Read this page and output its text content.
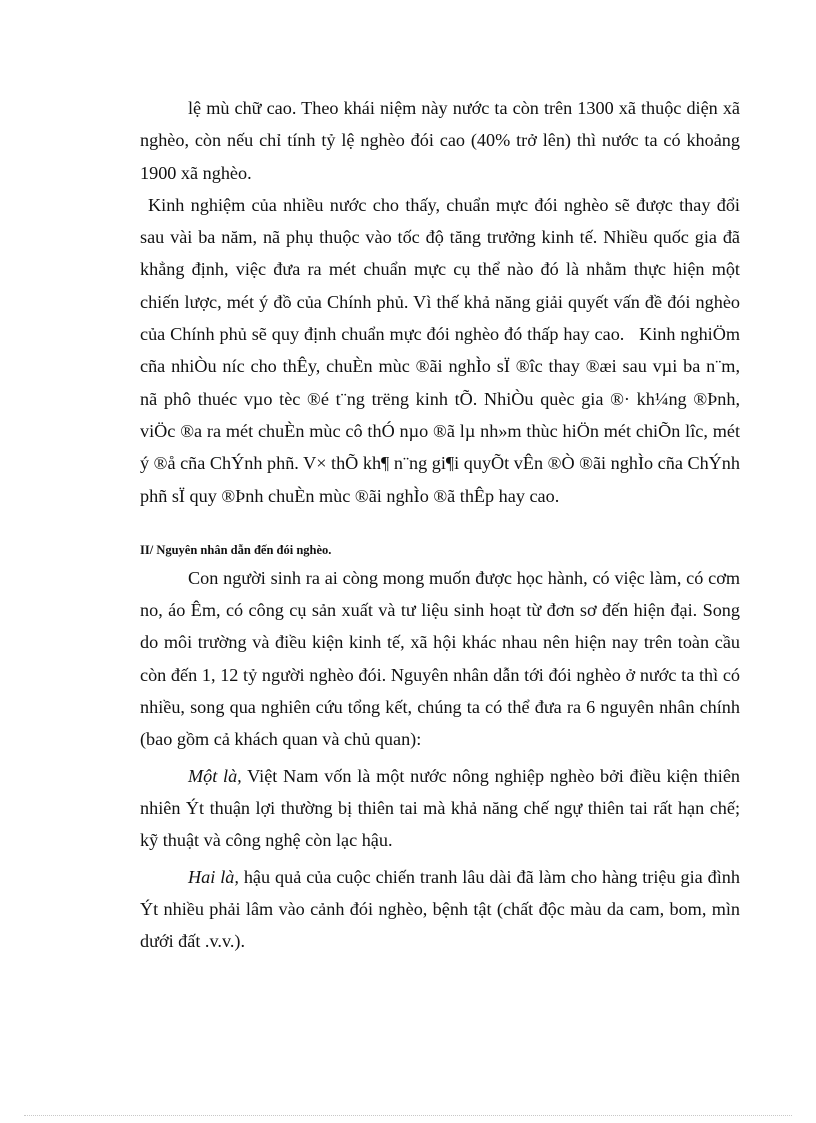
lệ mù chữ cao. Theo khái niệm này nước ta còn trên 1300 xã thuộc diện xã nghèo, còn nếu chỉ tính tỷ lệ nghèo đói cao (40% trở lên) thì nước ta có khoảng 1900 xã nghèo.

Kinh nghiệm của nhiều nước cho thấy, chuẩn mực đói nghèo sẽ được thay đổi sau vài ba năm, nã phụ thuộc vào tốc độ tăng trưởng kinh tế. Nhiều quốc gia đã khẳng định, việc đưa ra mét chuẩn mực cụ thể nào đó là nhằm thực hiện một chiến lược, mét ý đồ của Chính phủ. Vì thế khả năng giải quyết vấn đề đói nghèo của Chính phủ sẽ quy định chuẩn mực đói nghèo đó thấp hay cao. Kinh nghiÖm cña nhiÒu níc cho thÊy, chuÈn mùc ®ãi nghÌo sÏ ®îc thay ®æi sau vµi ba n¨m, nã phô thuéc vµo tèc ®é t¨ng trëng kinh tÕ. NhiÒu quèc gia ®· kh¼ng ®Þnh, viÖc ®a ra mét chuÈn mùc cô thÓ nµo ®ã lµ nh»m thùc hiÖn mét chiÕn lîc, mét ý ®å cña ChÝnh phñ. V× thÕ kh¶ n¨ng gi¶i quyÕt vÊn ®Ò ®ãi nghÌo cña ChÝnh phñ sÏ quy ®Þnh chuÈn mùc ®ãi nghÌo ®ã thÊp hay cao.

II/ Nguyên nhân dẫn đến đói nghèo.

Con người sinh ra ai còng mong muốn được học hành, có việc làm, có cơm no, áo Êm, có công cụ sản xuất và tư liệu sinh hoạt từ đơn sơ đến hiện đại. Song do môi trường và điều kiện kinh tế, xã hội khác nhau nên hiện nay trên toàn cầu còn đến 1, 12 tỷ người nghèo đói. Nguyên nhân dẫn tới đói nghèo ở nước ta thì có nhiều, song qua nghiên cứu tổng kết, chúng ta có thể đưa ra 6 nguyên nhân chính (bao gồm cả khách quan và chủ quan):

Một là, Việt Nam vốn là một nước nông nghiệp nghèo bởi điều kiện thiên nhiên Ýt thuận lợi thường bị thiên tai mà khả năng chế ngự thiên tai rất hạn chế; kỹ thuật và công nghệ còn lạc hậu.

Hai là, hậu quả của cuộc chiến tranh lâu dài đã làm cho hàng triệu gia đình Ýt nhiều phải lâm vào cảnh đói nghèo, bệnh tật (chất độc màu da cam, bom, mìn dưới đất .v.v.).
